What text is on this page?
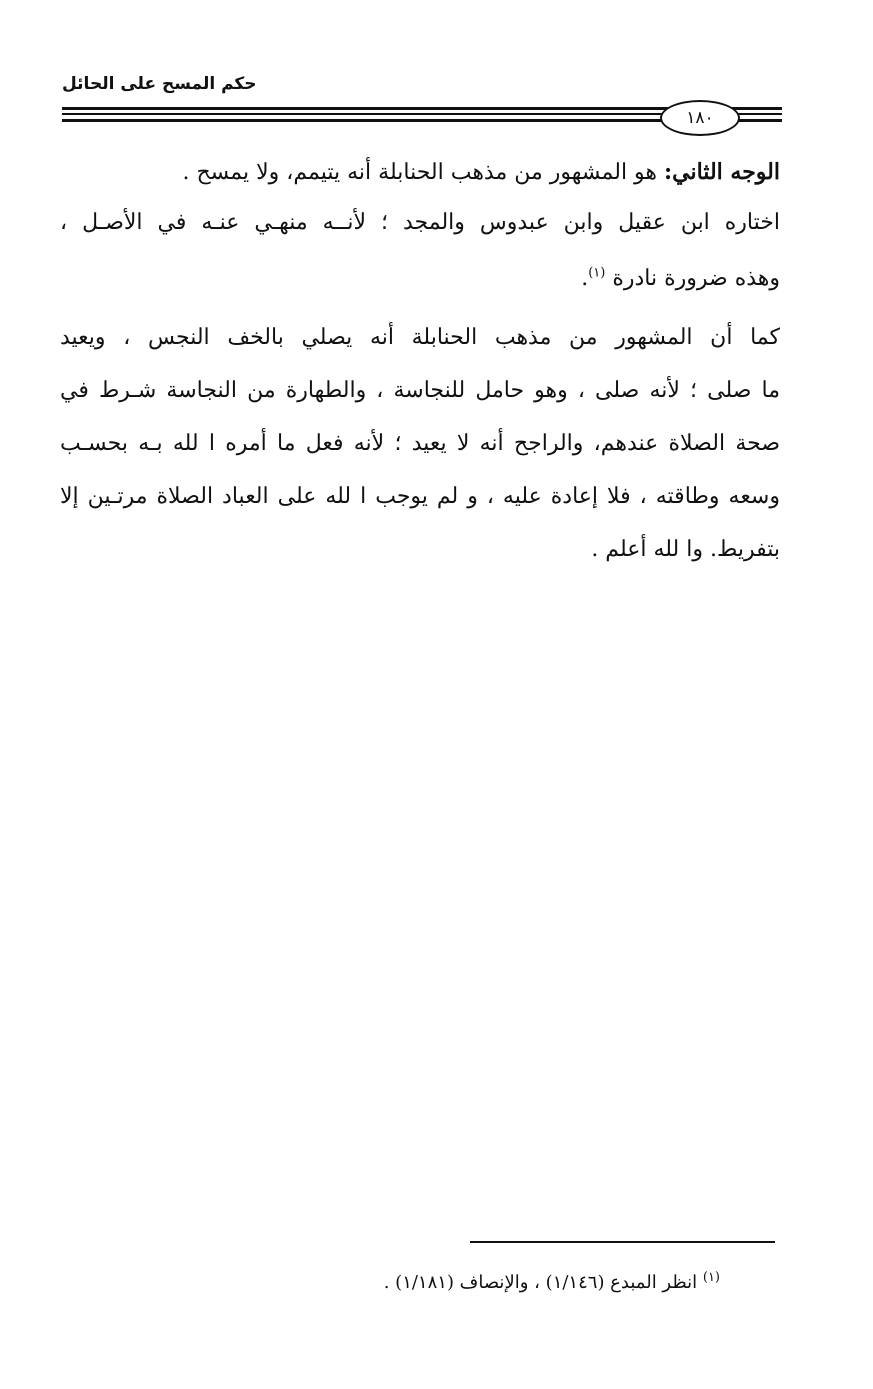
حكم المسح على الحائل
١٨٠
الوجه الثاني: هو المشهور من مذهب الحنابلة أنه يتيمم، ولا يمسح .
اختاره ابن عقيل وابن عبدوس والمجد ؛ لأنــه منهـي عنـه في الأصـل ،
وهذه ضرورة نادرة $^{(١)}$.
كما أن المشهور من مذهب الحنابلة أنه يصلي بالخف النجس ، ويعيد
ما صلى ؛ لأنه صلى ، وهو حامل للنجاسة ، والطهارة من النجاسة شـرط في
صحة الصلاة عندهم، والراجح أنه لا يعيد ؛ لأنه فعل ما أمره ا لله بـه بحسـب
وسعه وطاقته ، فلا إعادة عليه ، و لم يوجب ا لله على العباد الصلاة مرتـين إلا
بتفريط. وا لله أعلم .
$^{(١)}$ انظر المبدع (١/١٤٦) ، والإنصاف (١/١٨١) .
